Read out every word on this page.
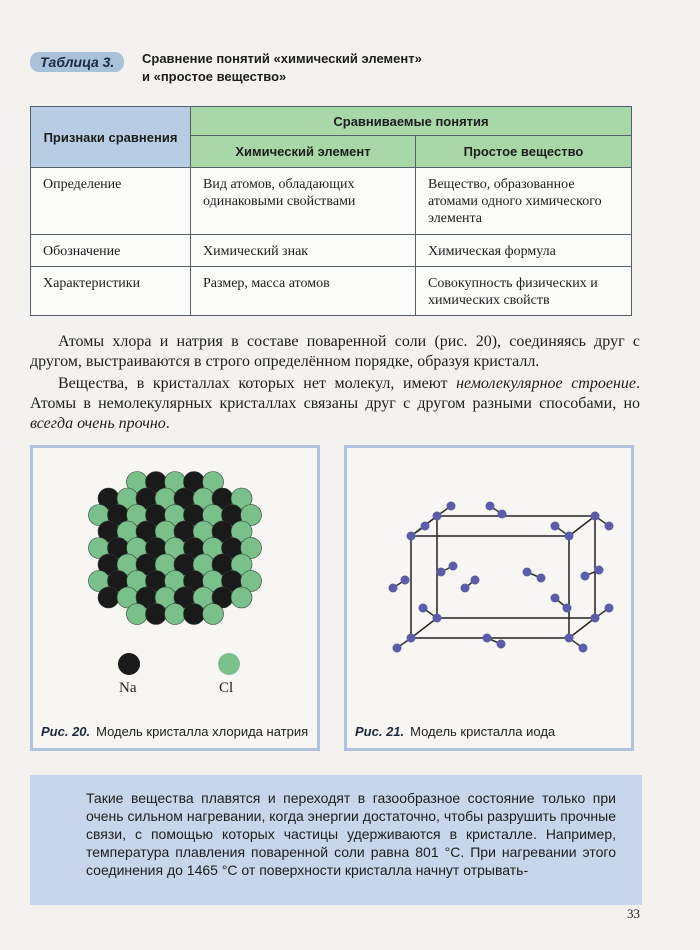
Таблица 3.	Сравнение понятий «химический элемент»
и «простое вещество»
Признаки сравнения	Сравниваемые понятия	
	Химический элемент	Простое вещество
Определение	Вид атомов, обладающих одинаковыми свойствами	Вещество, образованное атомами одного химического элемента
Обозначение	Химический знак	Химическая формула
Характеристики	Размер, масса атомов	Совокупность физических и химических свойств
Атомы хлора и натрия в составе поваренной соли (рис. 20), соединяясь друг с другом, выстраиваются в строго определённом порядке, образуя кристалл.
Вещества, в кристаллах которых нет молекул, имеют немолекулярное строение. Атомы в немолекулярных кристаллах связаны друг с другом разными способами, но всегда очень прочно.
Na	Cl
Рис. 20. Модель кристалла хлорида натрия	Рис. 21. Модель кристалла иода
Такие вещества плавятся и переходят в газообразное состояние только при очень сильном нагревании, когда энергии достаточно, чтобы разрушить прочные связи, с помощью которых частицы удерживаются в кристалле. Например, температура плавления поваренной соли равна 801 °С. При нагревании этого соединения до 1465 °С от поверхности кристалла начнут отрывать-
33
